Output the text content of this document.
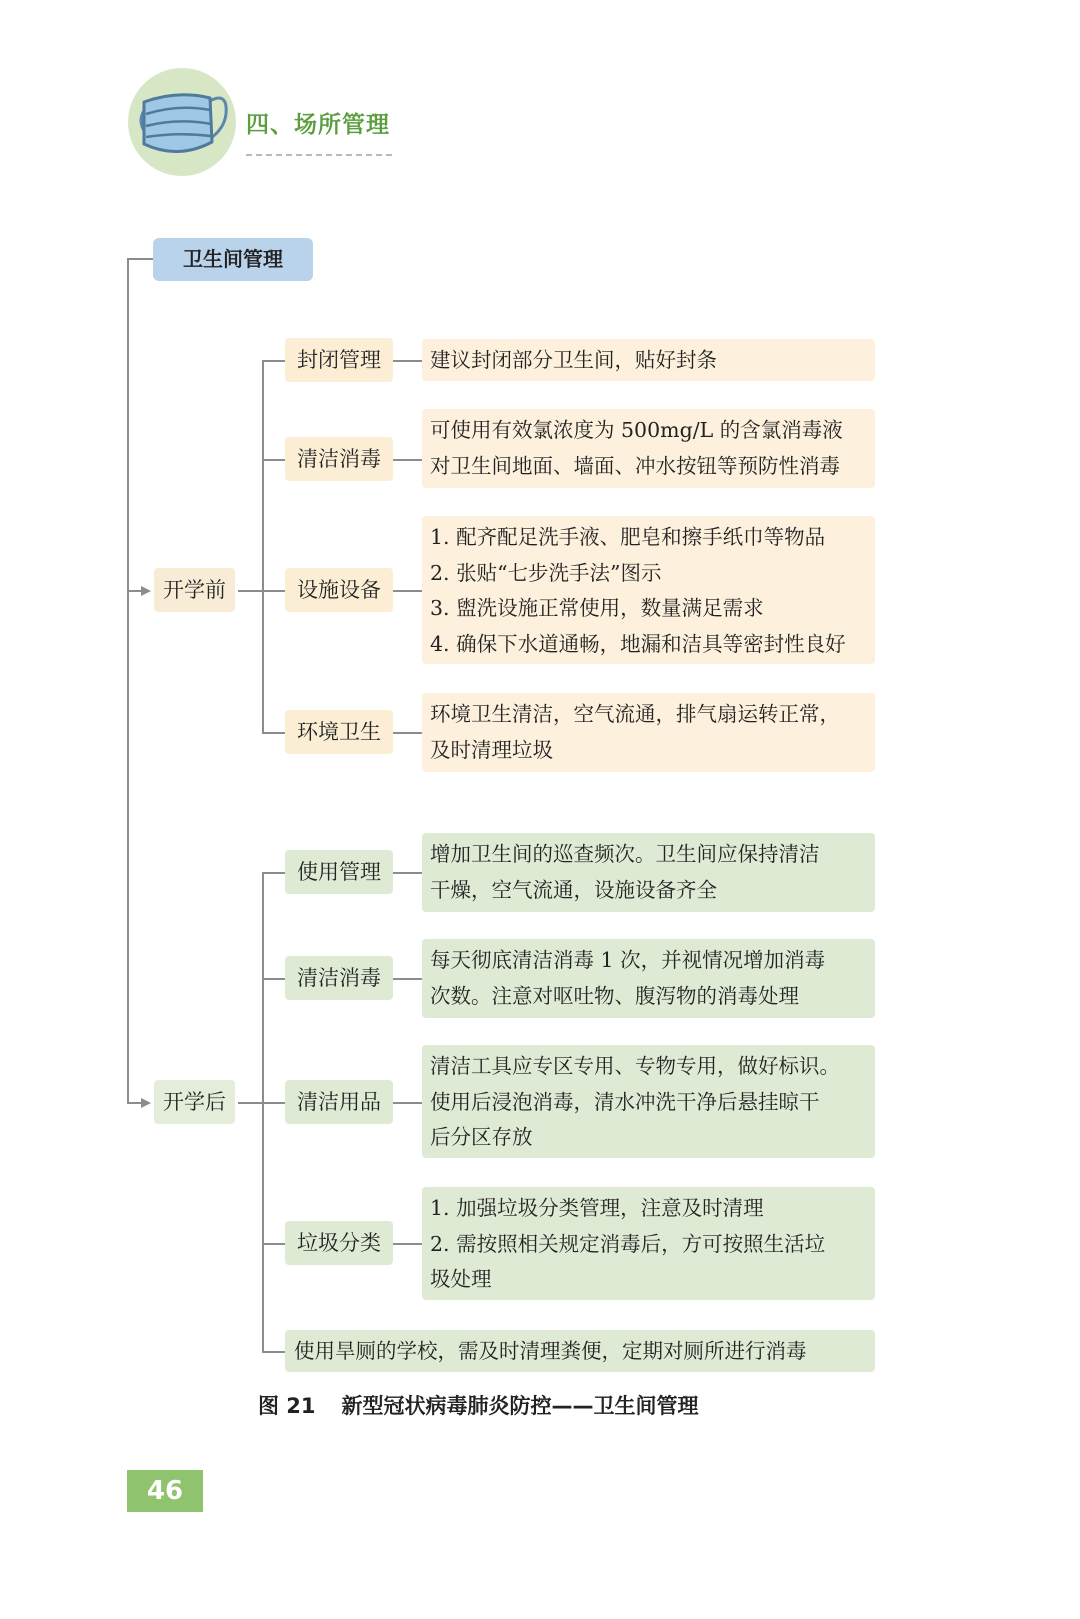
四、场所管理
卫生间管理
开学前
开学后
封闭管理
清洁消毒
设施设备
环境卫生
建议封闭部分卫生间，贴好封条
可使用有效氯浓度为 500mg/L 的含氯消毒液
对卫生间地面、墙面、冲水按钮等预防性消毒
1. 配齐配足洗手液、肥皂和擦手纸巾等物品
2. 张贴“七步洗手法”图示
3. 盥洗设施正常使用，数量满足需求
4. 确保下水道通畅，地漏和洁具等密封性良好
环境卫生清洁，空气流通，排气扇运转正常，
及时清理垃圾
使用管理
清洁消毒
清洁用品
垃圾分类
增加卫生间的巡查频次。卫生间应保持清洁
干燥，空气流通，设施设备齐全
每天彻底清洁消毒 1 次，并视情况增加消毒
次数。注意对呕吐物、腹泻物的消毒处理
清洁工具应专区专用、专物专用，做好标识。
使用后浸泡消毒，清水冲洗干净后悬挂晾干
后分区存放
1. 加强垃圾分类管理，注意及时清理
2. 需按照相关规定消毒后，方可按照生活垃
圾处理
使用旱厕的学校，需及时清理粪便，定期对厕所进行消毒
图 21 新型冠状病毒肺炎防控——卫生间管理
46
